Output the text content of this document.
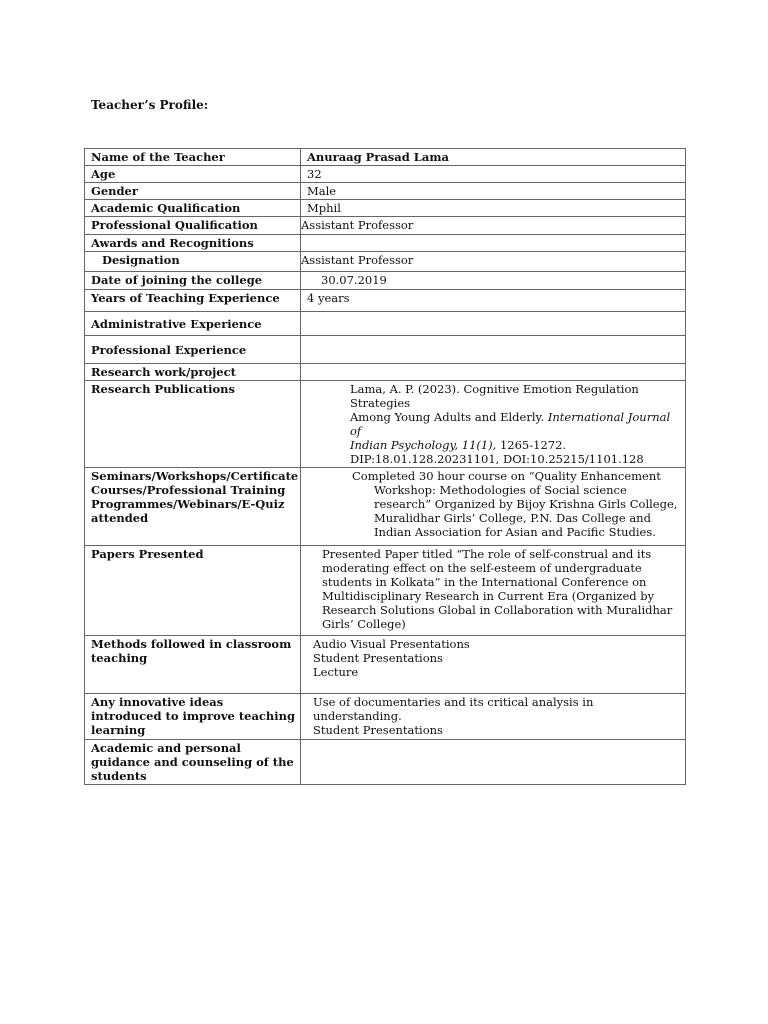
Teacher’s Profile:
Name of the Teacher	Anuraag Prasad Lama
Age	32
Gender	Male
Academic Qualification	Mphil
Professional Qualification	Assistant Professor
Awards and Recognitions	
Designation	Assistant Professor
Date of joining the college	30.07.2019
Years of Teaching Experience	4 years
Administrative Experience	
Professional Experience	
Research work/project	
Research Publications	Lama, A. P. (2023). Cognitive Emotion Regulation Strategies
Among Young Adults and Elderly. International Journal of
Indian Psychology, 11(1), 1265-1272.
DIP:18.01.128.20231101, DOI:10.25215/1101.128

Seminars/Workshops/Certificate Courses/Professional Training Programmes/Webinars/E-Quiz attended	Completed 30 hour course on “Quality Enhancement
Workshop: Methodologies of Social science research” Organized by Bijoy Krishna Girls College, Muralidhar Girls’ College, P.N. Das College and Indian Association for Asian and Pacific Studies.

Papers Presented	Presented Paper titled “The role of self-construal and its moderating effect on the self-esteem of undergraduate students in Kolkata” in the International Conference on Multidisciplinary Research in Current Era (Organized by Research Solutions Global in Collaboration with Muralidhar Girls’ College)
Methods followed in classroom teaching	Audio Visual Presentations
Student Presentations
Lecture

Any innovative ideas introduced to improve teaching learning	Use of documentaries and its critical analysis in understanding.
Student Presentations

Academic and personal guidance and counseling of the students	
